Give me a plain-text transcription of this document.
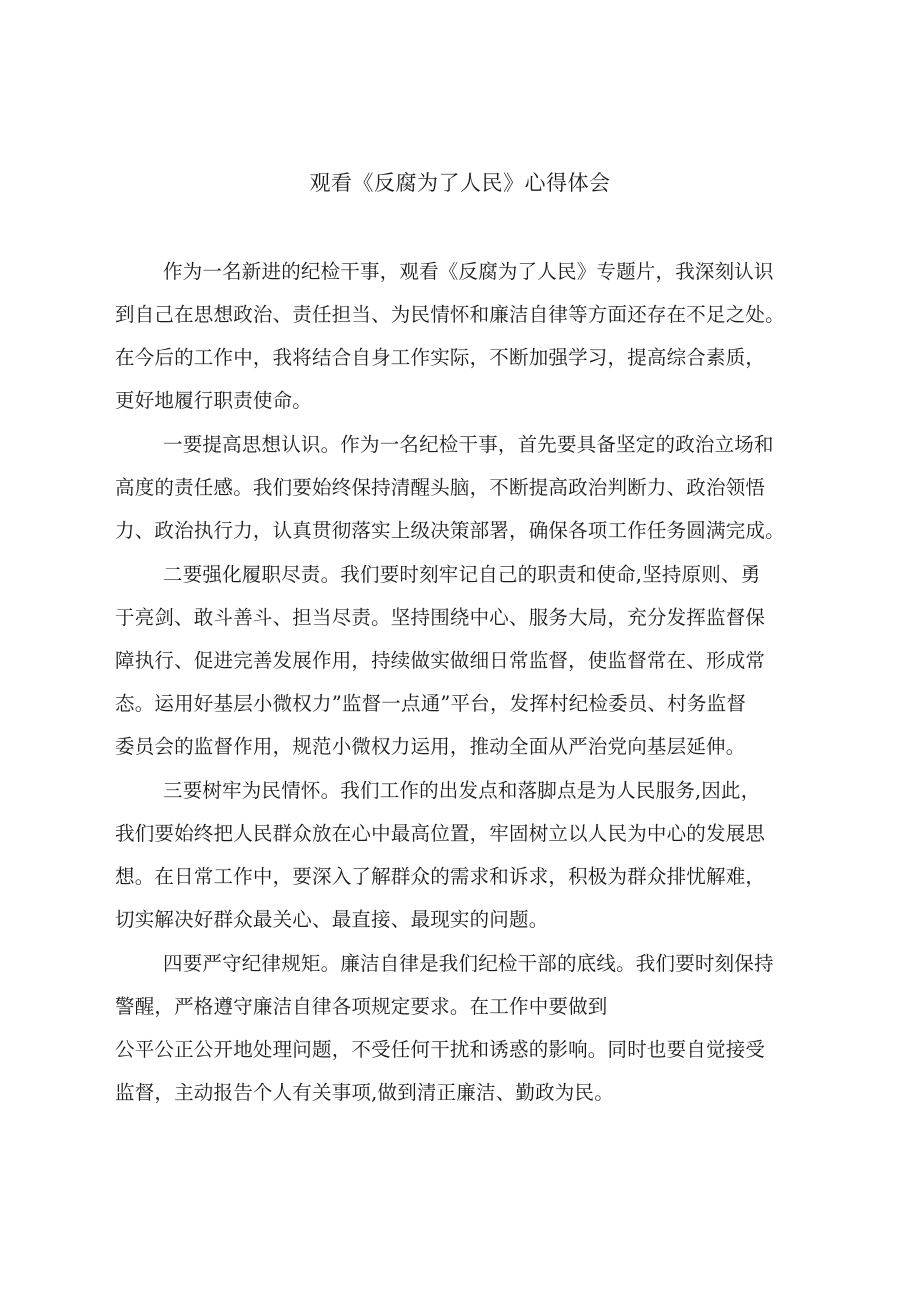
观看《反腐为了人民》心得体会
作为一名新进的纪检干事，观看《反腐为了人民》专题片，我深刻认识
到自己在思想政治、责任担当、为民情怀和廉洁自律等方面还存在不足之处。
在今后的工作中，我将结合自身工作实际，不断加强学习，提高综合素质，
更好地履行职责使命。
一要提高思想认识。作为一名纪检干事，首先要具备坚定的政治立场和
高度的责任感。我们要始终保持清醒头脑，不断提高政治判断力、政治领悟
力、政治执行力，认真贯彻落实上级决策部署，确保各项工作任务圆满完成。
二要强化履职尽责。我们要时刻牢记自己的职责和使命,坚持原则、勇
于亮剑、敢斗善斗、担当尽责。坚持围绕中心、服务大局，充分发挥监督保
障执行、促进完善发展作用，持续做实做细日常监督，使监督常在、形成常
态。运用好基层小微权力”监督一点通”平台，发挥村纪检委员、村务监督
委员会的监督作用，规范小微权力运用，推动全面从严治党向基层延伸。
三要树牢为民情怀。我们工作的出发点和落脚点是为人民服务,因此，
我们要始终把人民群众放在心中最高位置，牢固树立以人民为中心的发展思
想。在日常工作中，要深入了解群众的需求和诉求，积极为群众排忧解难，
切实解决好群众最关心、最直接、最现实的问题。
四要严守纪律规矩。廉洁自律是我们纪检干部的底线。我们要时刻保持
警醒，严格遵守廉洁自律各项规定要求。在工作中要做到
公平公正公开地处理问题，不受任何干扰和诱惑的影响。同时也要自觉接受
监督，主动报告个人有关事项,做到清正廉洁、勤政为民。
